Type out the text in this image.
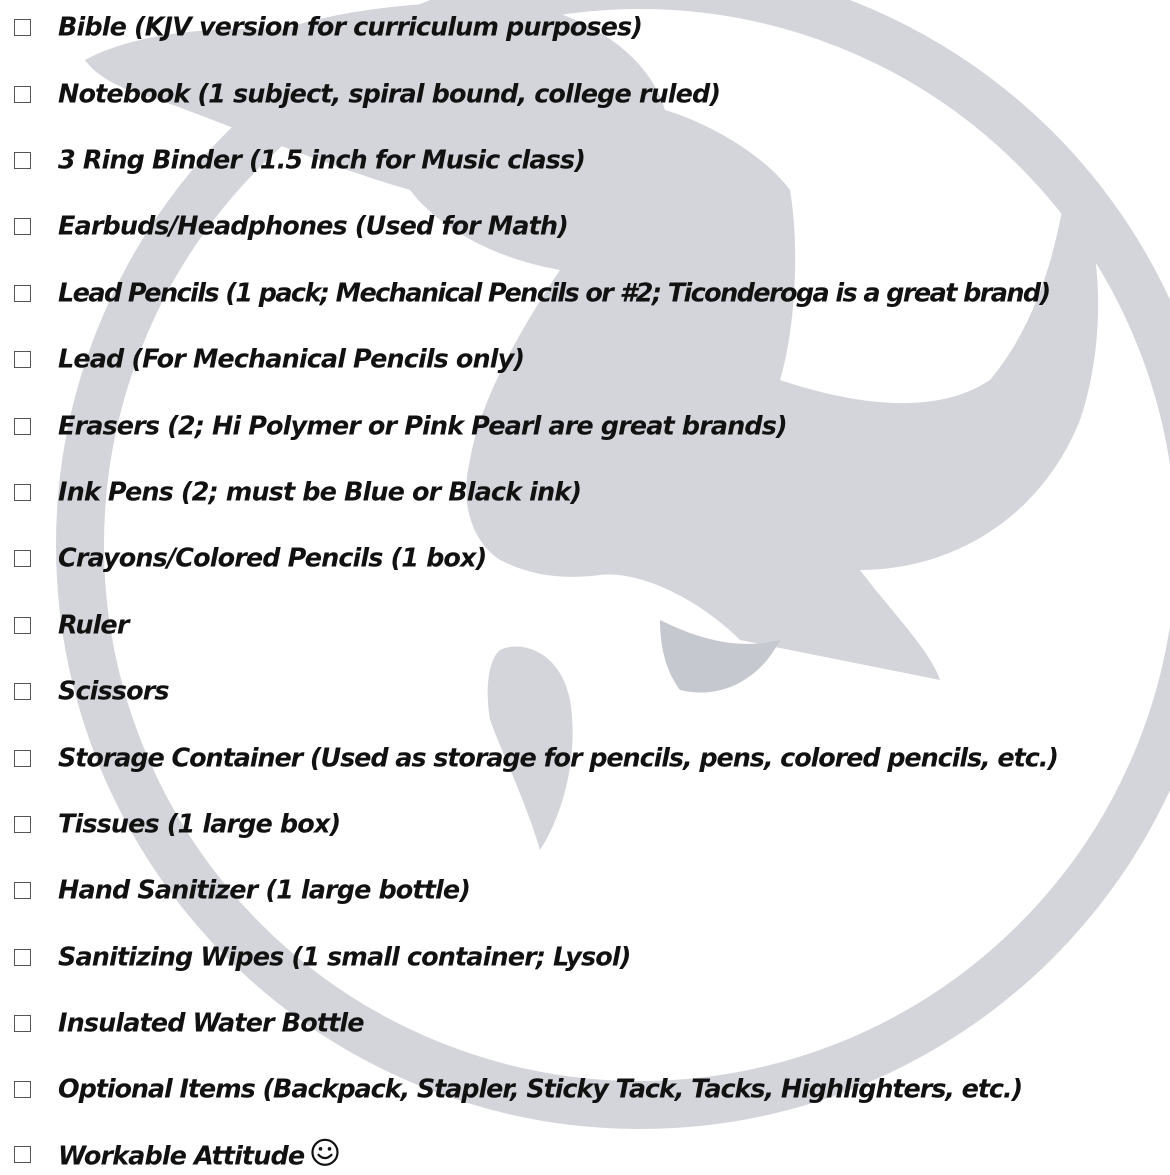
Bible (KJV version for curriculum purposes)
Notebook (1 subject, spiral bound, college ruled)
3 Ring Binder (1.5 inch for Music class)
Earbuds/Headphones (Used for Math)
Lead Pencils (1 pack; Mechanical Pencils or #2; Ticonderoga is a great brand)
Lead (For Mechanical Pencils only)
Erasers (2; Hi Polymer or Pink Pearl are great brands)
Ink Pens (2; must be Blue or Black ink)
Crayons/Colored Pencils (1 box)
Ruler
Scissors
Storage Container (Used as storage for pencils, pens, colored pencils, etc.)
Tissues (1 large box)
Hand Sanitizer (1 large bottle)
Sanitizing Wipes (1 small container; Lysol)
Insulated Water Bottle
Optional Items (Backpack, Stapler, Sticky Tack, Tacks, Highlighters, etc.)
Workable Attitude
